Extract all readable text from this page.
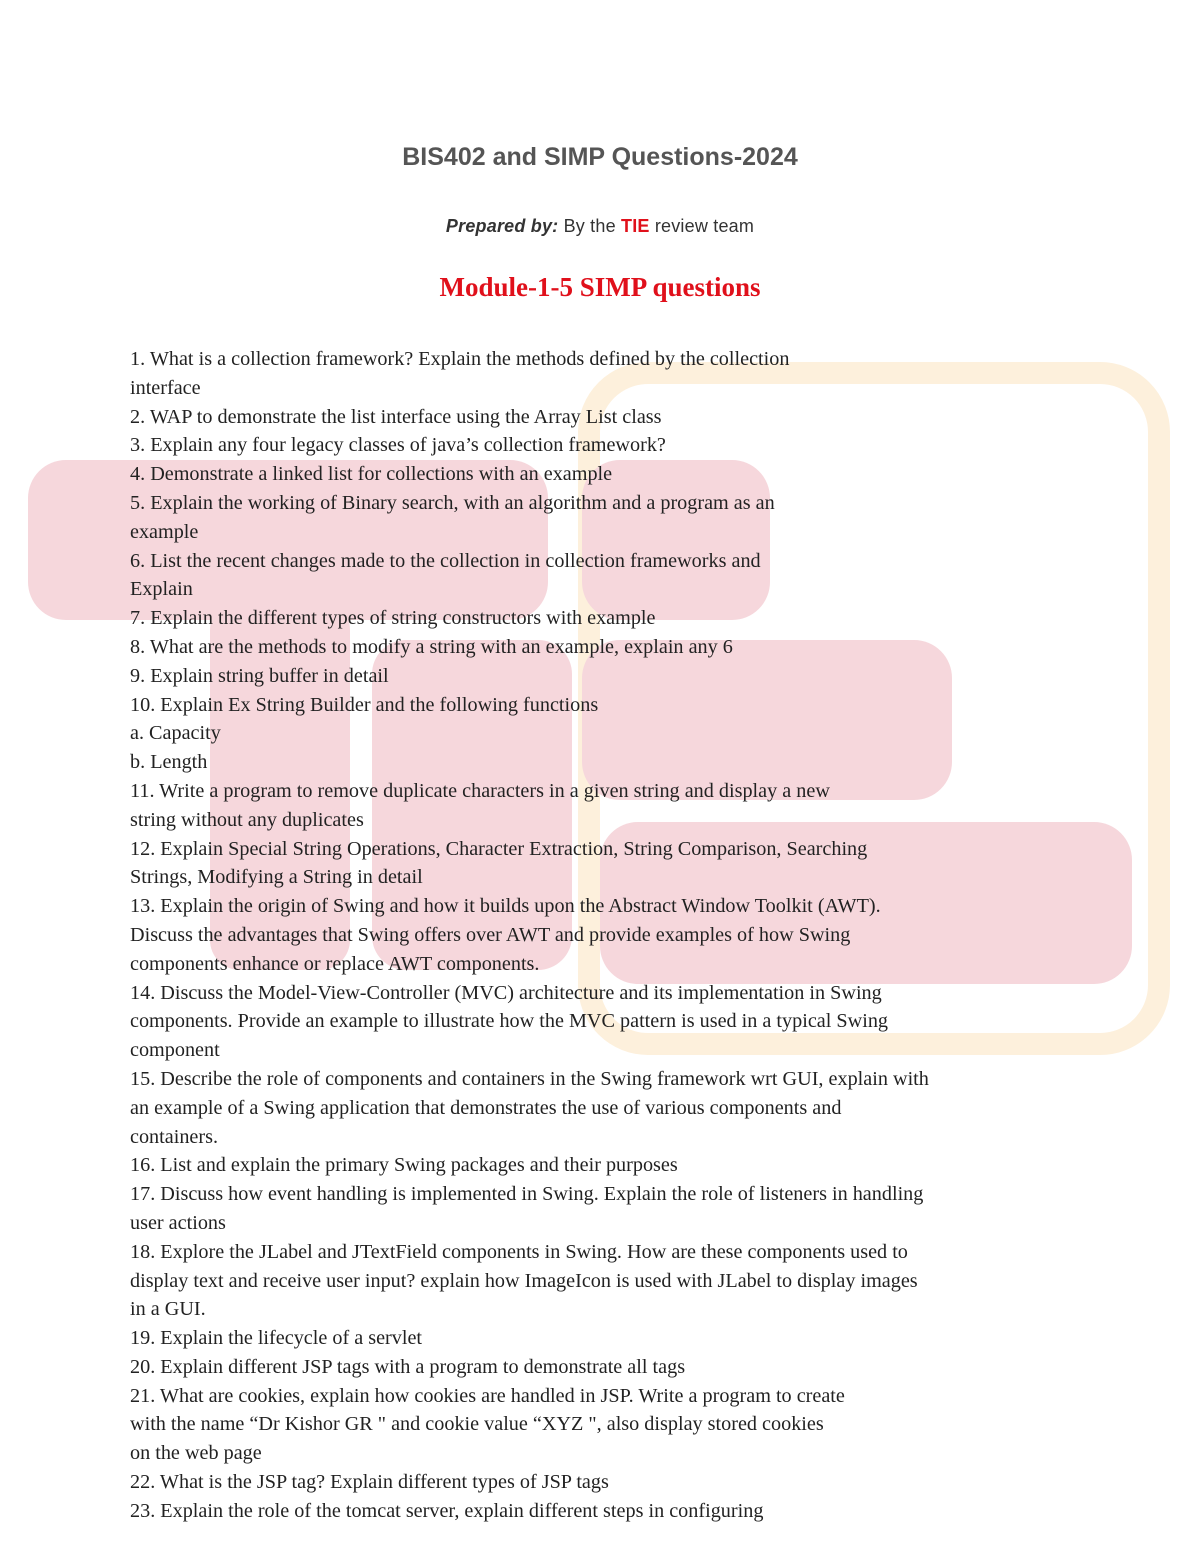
BIS402 and SIMP Questions-2024
Prepared by: By the TIE review team
Module-1-5 SIMP questions
1. What is a collection framework? Explain the methods defined by the collection
interface
2. WAP to demonstrate the list interface using the Array List class
3. Explain any four legacy classes of java’s collection framework?
4. Demonstrate a linked list for collections with an example
5. Explain the working of Binary search, with an algorithm and a program as an
example
6. List the recent changes made to the collection in collection frameworks and
Explain
7. Explain the different types of string constructors with example
8. What are the methods to modify a string with an example, explain any 6
9. Explain string buffer in detail
10. Explain Ex String Builder and the following functions
a. Capacity
b. Length
11. Write a program to remove duplicate characters in a given string and display a new
string without any duplicates
12. Explain Special String Operations, Character Extraction, String Comparison, Searching
Strings, Modifying a String in detail
13. Explain the origin of Swing and how it builds upon the Abstract Window Toolkit (AWT).
Discuss the advantages that Swing offers over AWT and provide examples of how Swing
components enhance or replace AWT components.
14. Discuss the Model-View-Controller (MVC) architecture and its implementation in Swing
components. Provide an example to illustrate how the MVC pattern is used in a typical Swing
component
15. Describe the role of components and containers in the Swing framework wrt GUI, explain with
an example of a Swing application that demonstrates the use of various components and
containers.
16. List and explain the primary Swing packages and their purposes
17. Discuss how event handling is implemented in Swing. Explain the role of listeners in handling
user actions
18. Explore the JLabel and JTextField components in Swing. How are these components used to
display text and receive user input? explain how ImageIcon is used with JLabel to display images
in a GUI.
19. Explain the lifecycle of a servlet
20. Explain different JSP tags with a program to demonstrate all tags
21. What are cookies, explain how cookies are handled in JSP. Write a program to create
with the name “Dr Kishor GR " and cookie value “XYZ ", also display stored cookies
on the web page
22. What is the JSP tag? Explain different types of JSP tags
23. Explain the role of the tomcat server, explain different steps in configuring
